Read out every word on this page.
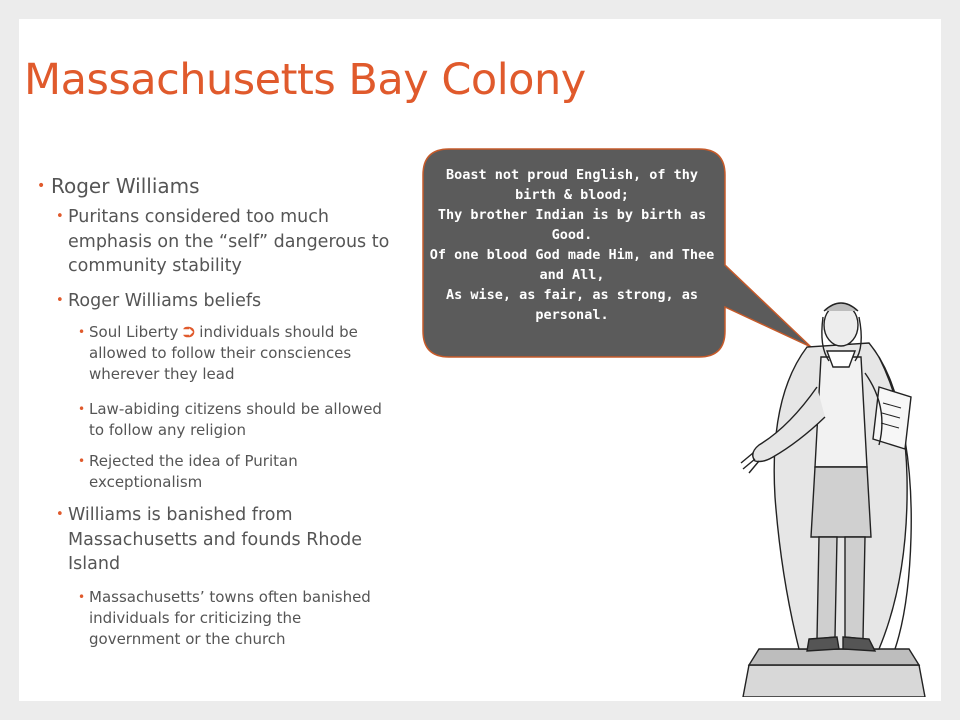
Massachusetts Bay Colony

• Roger Williams

• Puritans considered too much emphasis on the “self” dangerous to community stability

• Roger Williams beliefs

• Soul Liberty ⮊ individuals should be allowed to follow their consciences wherever they lead

• Law-abiding citizens should be allowed to follow any religion

• Rejected the idea of Puritan exceptionalism

• Williams is banished from Massachusetts and founds Rhode Island

• Massachusetts’ towns often banished individuals for criticizing the government or the church

Boast not proud English, of thy birth & blood;
Thy brother Indian is by birth as Good.
Of one blood God made Him, and Thee and All,
As wise, as fair, as strong, as personal.
